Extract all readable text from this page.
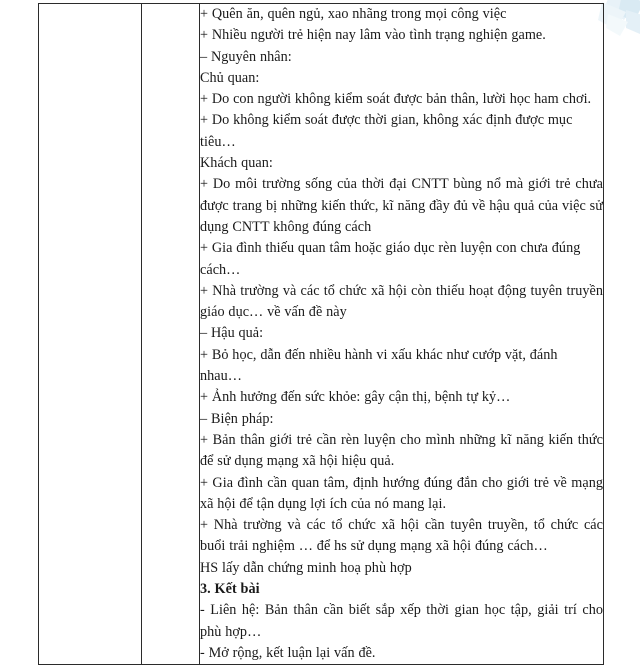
+ Quên ăn, quên ngủ, xao nhãng trong mọi công việc

+ Nhiều người trẻ hiện nay lâm vào tình trạng nghiện game.

– Nguyên nhân:

Chủ quan:

+ Do con người không kiểm soát được bản thân, lười học ham chơi.

+ Do không kiểm soát được thời gian, không xác định được mục tiêu…

Khách quan:

+ Do môi trường sống của thời đại CNTT bùng nổ mà giới trẻ chưa được trang bị những kiến thức, kĩ năng đầy đủ về hậu quả của việc sử dụng CNTT không đúng cách

+ Gia đình thiếu quan tâm hoặc giáo dục rèn luyện con chưa đúng cách…

+ Nhà trường và các tổ chức xã hội còn thiếu hoạt động tuyên truyền giáo dục… về vấn đề này

– Hậu quả:

+ Bỏ học, dẫn đến nhiều hành vi xấu khác như cướp vặt, đánh nhau…

+ Ảnh hưởng đến sức khỏe: gây cận thị, bệnh tự kỷ…

– Biện pháp:

+ Bản thân giới trẻ cần rèn luyện cho mình những kĩ năng kiến thức để sử dụng mạng xã hội hiệu quả.

+ Gia đình cần quan tâm, định hướng đúng đắn cho giới trẻ về mạng xã hội để tận dụng lợi ích của nó mang lại.

+ Nhà trường và các tổ chức xã hội cần tuyên truyền, tổ chức các buổi trải nghiệm … để hs sử dụng mạng xã hội đúng cách…

HS lấy dẫn chứng minh hoạ phù hợp

3. Kết bài

- Liên hệ: Bản thân cần biết sắp xếp thời gian học tập, giải trí cho phù hợp…

- Mở rộng, kết luận lại vấn đề.
